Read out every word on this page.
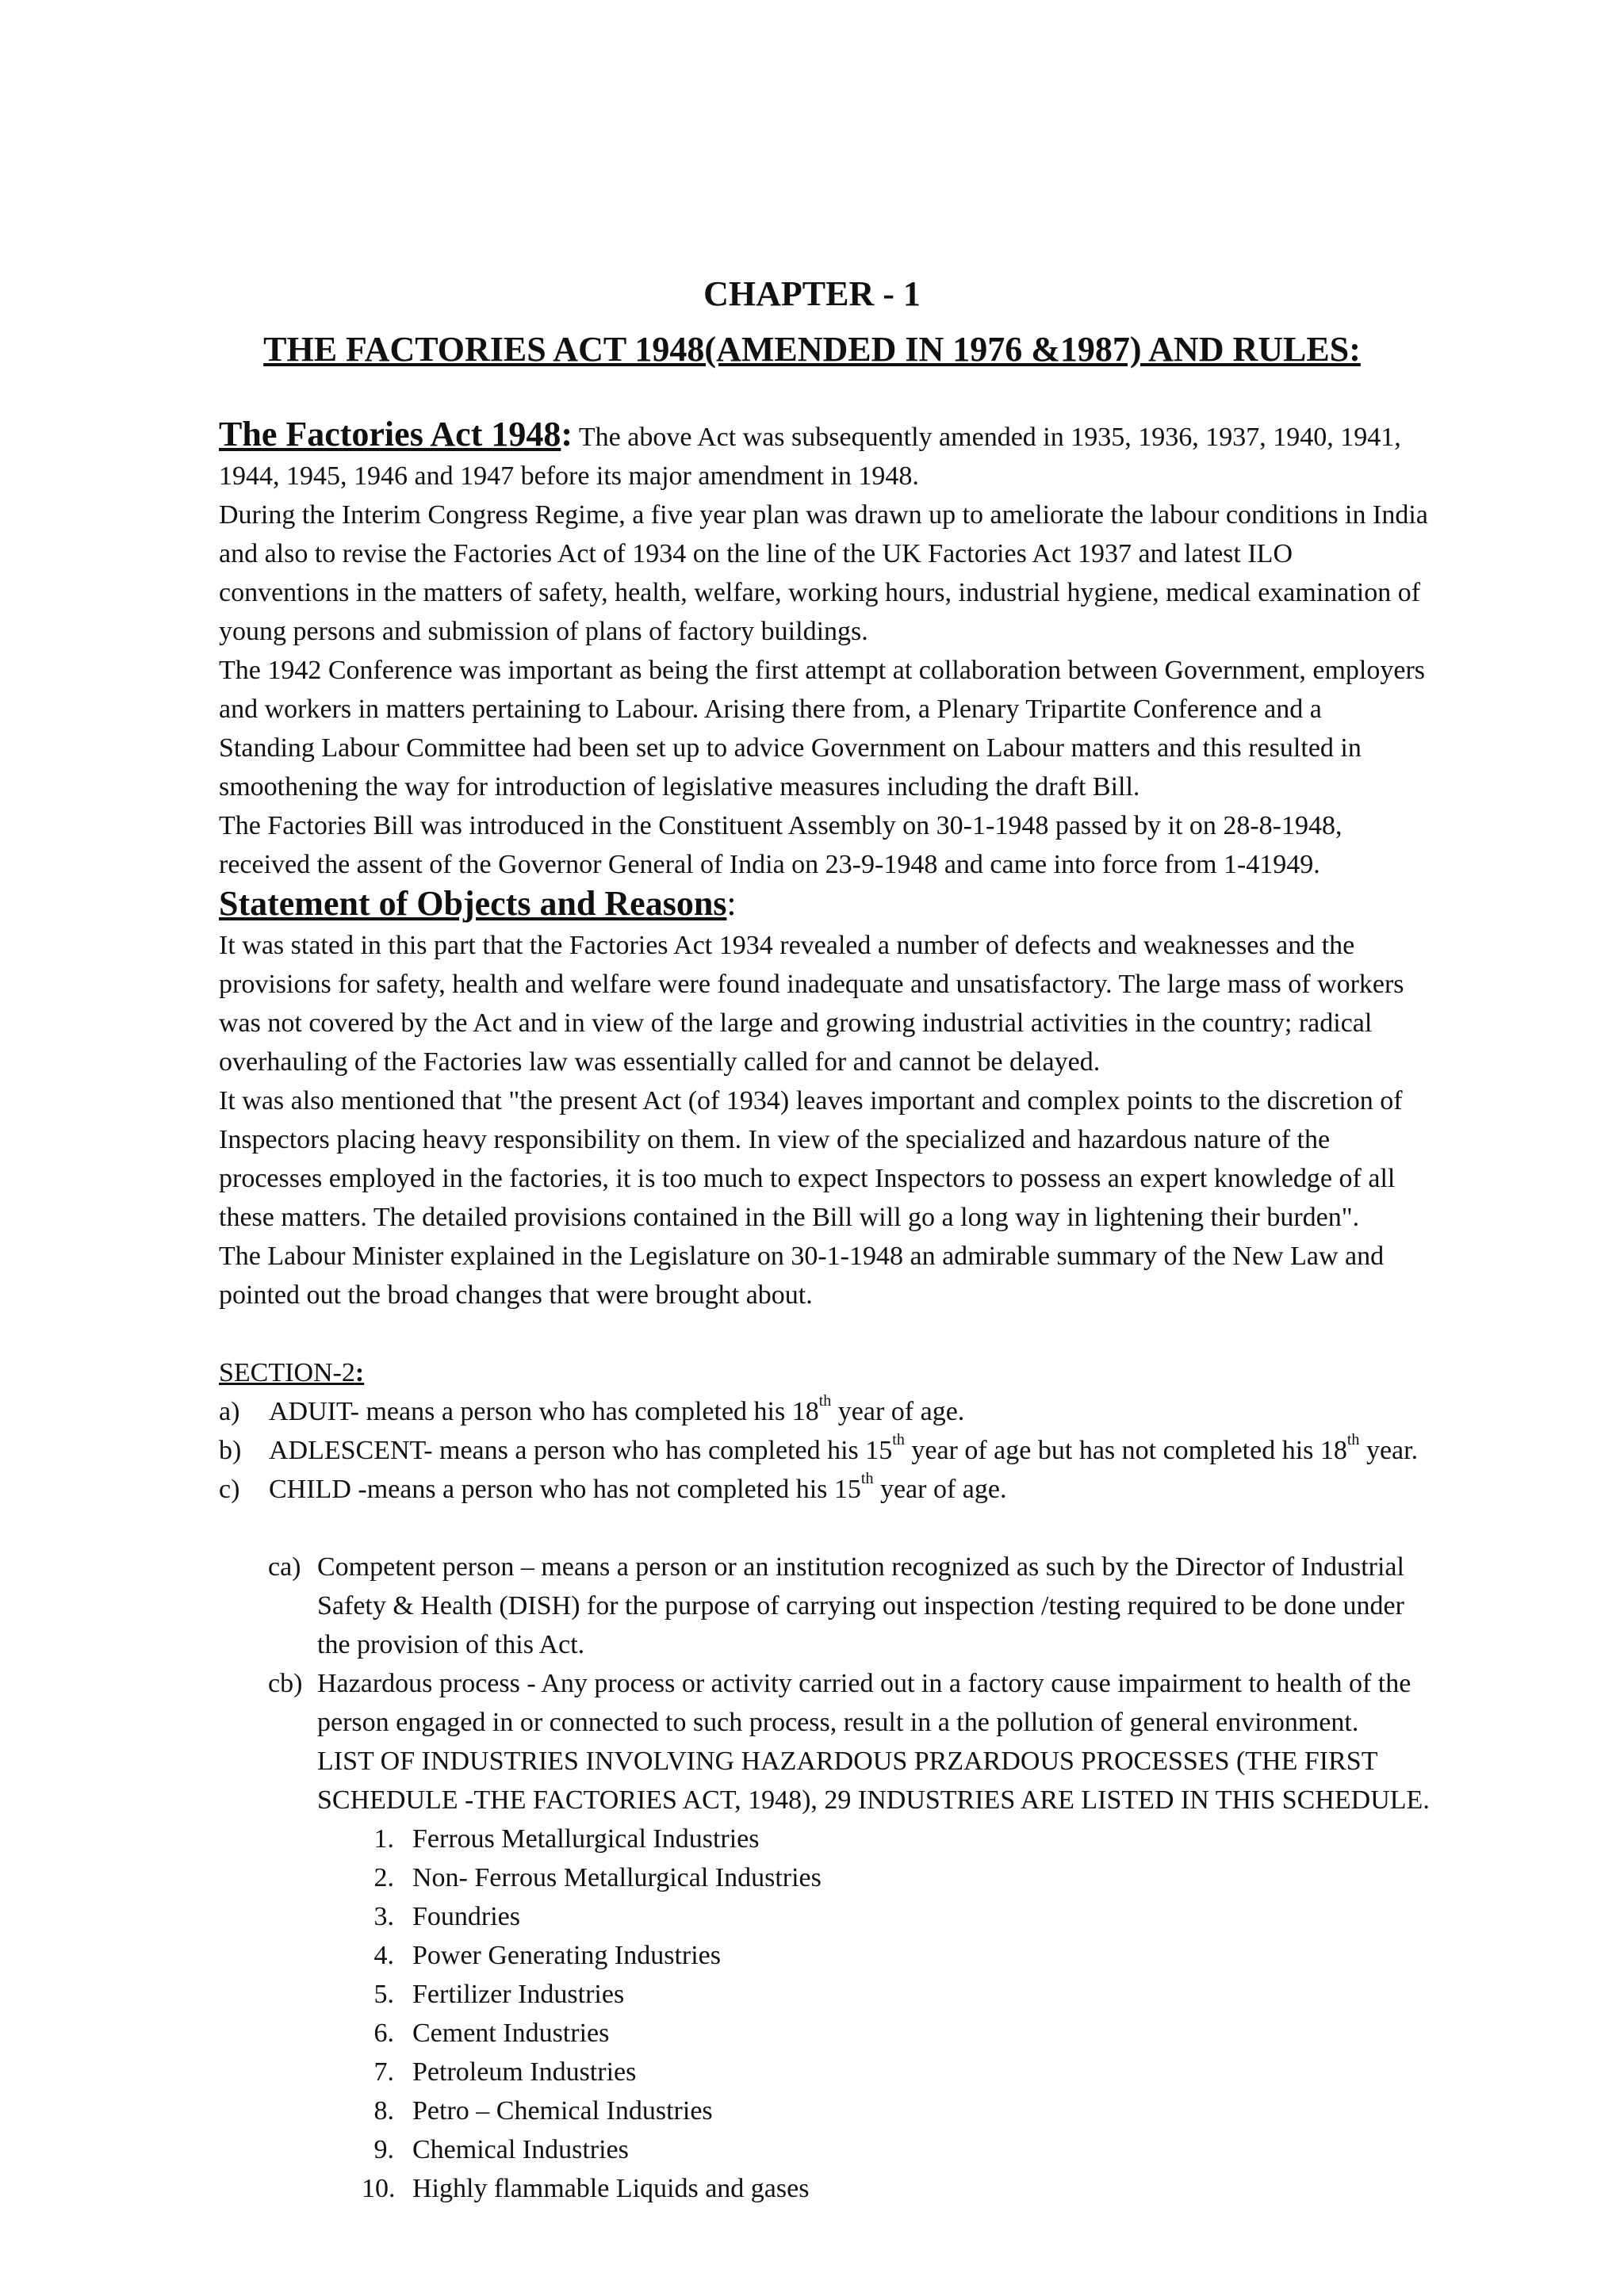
CHAPTER - 1
THE FACTORIES ACT 1948(AMENDED IN 1976 &1987) AND RULES:
The Factories Act 1948: The above Act was subsequently amended in 1935, 1936, 1937, 1940, 1941,
1944, 1945, 1946 and 1947 before its major amendment in 1948.
During the Interim Congress Regime, a five year plan was drawn up to ameliorate the labour conditions in India
and also to revise the Factories Act of 1934 on the line of the UK Factories Act 1937 and latest ILO
conventions in the matters of safety, health, welfare, working hours, industrial hygiene, medical examination of
young persons and submission of plans of factory buildings.
The 1942 Conference was important as being the first attempt at collaboration between Government, employers
and workers in matters pertaining to Labour. Arising there from, a Plenary Tripartite Conference and a
Standing Labour Committee had been set up to advice Government on Labour matters and this resulted in
smoothening the way for introduction of legislative measures including the draft Bill.
The Factories Bill was introduced in the Constituent Assembly on 30-1-1948 passed by it on 28-8-1948,
received the assent of the Governor General of India on 23-9-1948 and came into force from 1-41949.
Statement of Objects and Reasons:
It was stated in this part that the Factories Act 1934 revealed a number of defects and weaknesses and the
provisions for safety, health and welfare were found inadequate and unsatisfactory. The large mass of workers
was not covered by the Act and in view of the large and growing industrial activities in the country; radical
overhauling of the Factories law was essentially called for and cannot be delayed.
It was also mentioned that "the present Act (of 1934) leaves important and complex points to the discretion of
Inspectors placing heavy responsibility on them. In view of the specialized and hazardous nature of the
processes employed in the factories, it is too much to expect Inspectors to possess an expert knowledge of all
these matters. The detailed provisions contained in the Bill will go a long way in lightening their burden".
The Labour Minister explained in the Legislature on 30-1-1948 an admirable summary of the New Law and
pointed out the broad changes that were brought about.
SECTION-2:
a)	ADUIT- means a person who has completed his 18th year of age.
b)	ADLESCENT- means a person who has completed his 15th year of age but has not completed his 18th year.
c)	CHILD -means a person who has not completed his 15th year of age.
ca) Competent person – means a person or an institution recognized as such by the Director of Industrial
Safety & Health (DISH) for the purpose of carrying out inspection /testing required to be done under
the provision of this Act.
cb) Hazardous process - Any process or activity carried out in a factory cause impairment to health of the
person engaged in or connected to such process, result in a the pollution of general environment.
LIST OF INDUSTRIES INVOLVING HAZARDOUS PRZARDOUS PROCESSES (THE FIRST
SCHEDULE -THE FACTORIES ACT, 1948), 29 INDUSTRIES ARE LISTED IN THIS SCHEDULE.
1. Ferrous Metallurgical Industries
2. Non- Ferrous Metallurgical Industries
3. Foundries
4. Power Generating Industries
5. Fertilizer Industries
6. Cement Industries
7. Petroleum Industries
8. Petro – Chemical Industries
9. Chemical Industries
10. Highly flammable Liquids and gases
